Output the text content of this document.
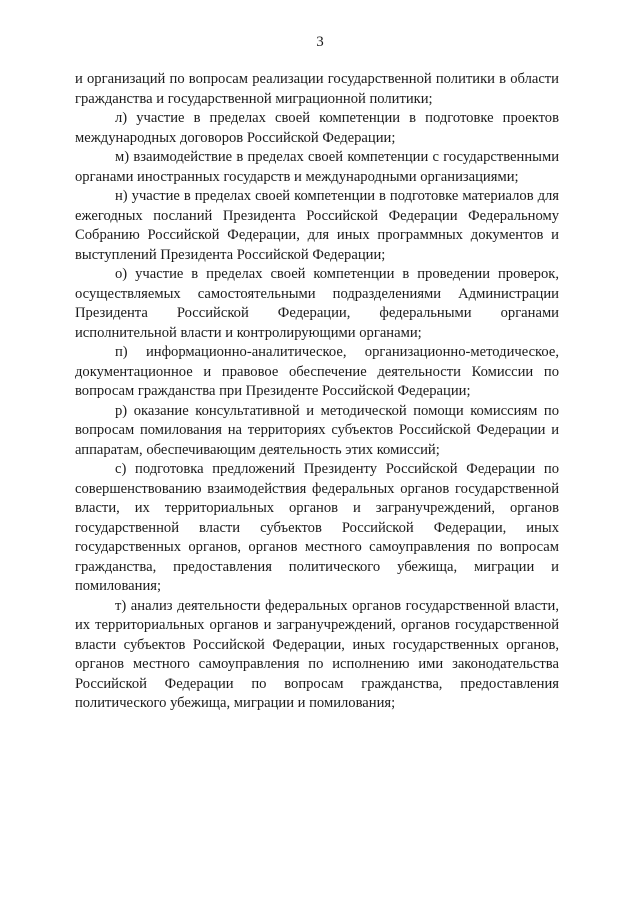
3

и организаций по вопросам реализации государственной политики в области гражданства и государственной миграционной политики;

л) участие в пределах своей компетенции в подготовке проектов международных договоров Российской Федерации;

м) взаимодействие в пределах своей компетенции с государственными органами иностранных государств и международными организациями;

н) участие в пределах своей компетенции в подготовке материалов для ежегодных посланий Президента Российской Федерации Федеральному Собранию Российской Федерации, для иных программных документов и выступлений Президента Российской Федерации;

о) участие в пределах своей компетенции в проведении проверок, осуществляемых самостоятельными подразделениями Администрации Президента Российской Федерации, федеральными органами исполнительной власти и контролирующими органами;

п) информационно-аналитическое, организационно-методическое, документационное и правовое обеспечение деятельности Комиссии по вопросам гражданства при Президенте Российской Федерации;

р) оказание консультативной и методической помощи комиссиям по вопросам помилования на территориях субъектов Российской Федерации и аппаратам, обеспечивающим деятельность этих комиссий;

с) подготовка предложений Президенту Российской Федерации по совершенствованию взаимодействия федеральных органов государственной власти, их территориальных органов и загранучреждений, органов государственной власти субъектов Российской Федерации, иных государственных органов, органов местного самоуправления по вопросам гражданства, предоставления политического убежища, миграции и помилования;

т) анализ деятельности федеральных органов государственной власти, их территориальных органов и загранучреждений, органов государственной власти субъектов Российской Федерации, иных государственных органов, органов местного самоуправления по исполнению ими законодательства Российской Федерации по вопросам гражданства, предоставления политического убежища, миграции и помилования;
